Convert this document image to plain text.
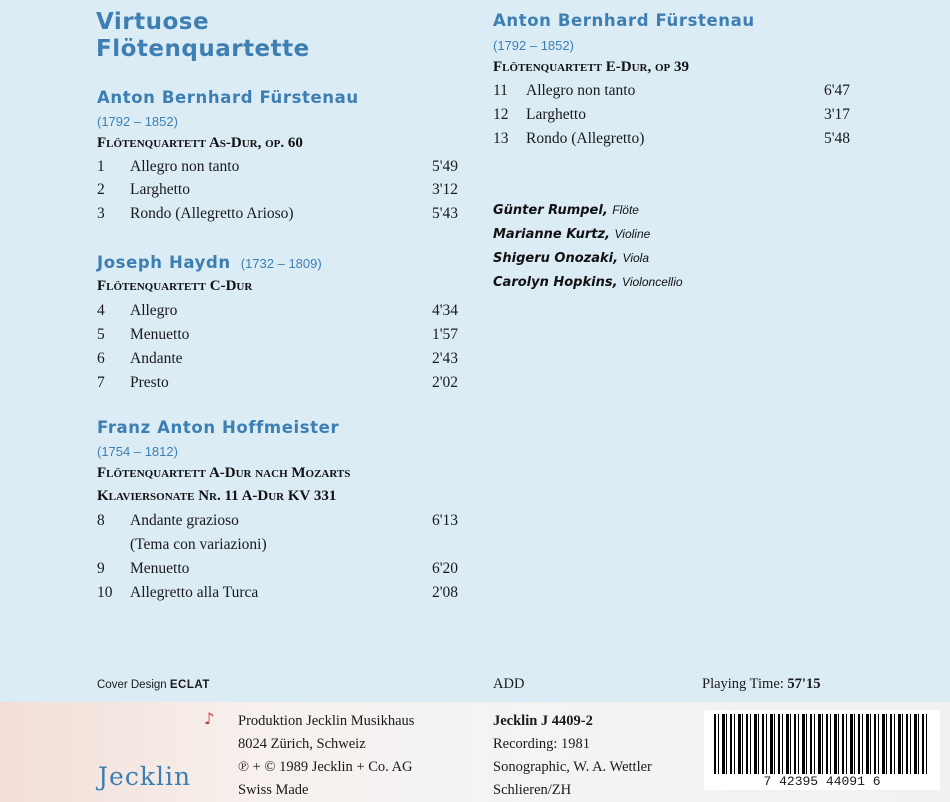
Virtuose
Flötenquartette
Anton Bernhard Fürstenau
(1792 – 1852)
Flötenquartett As-Dur, op. 60
1 Allegro non tanto	5'49
2 Larghetto	3'12
3 Rondo (Allegretto Arioso)	5'43
Joseph Haydn (1732 – 1809)
Flötenquartett C-Dur
4 Allegro	4'34
5 Menuetto	1'57
6 Andante	2'43
7 Presto	2'02
Franz Anton Hoffmeister
(1754 – 1812)
Flötenquartett A-Dur nach Mozarts
Klaviersonate Nr. 11 A-Dur KV 331
8 Andante grazioso	6'13
(Tema con variazioni)
9 Menuetto	6'20
10 Allegretto alla Turca	2'08
Anton Bernhard Fürstenau
(1792 – 1852)
Flötenquartett E-Dur, op 39
11 Allegro non tanto	6'47
12 Larghetto	3'17
13 Rondo (Allegretto)	5'48
Günter Rumpel, Flöte
Marianne Kurtz, Violine
Shigeru Onozaki, Viola
Carolyn Hopkins, Violoncellio
Cover Design ECLAT	ADD	Playing Time: 57'15
♪ Produktion Jecklin Musikhaus
8024 Zürich, Schweiz
℗ + © 1989 Jecklin + Co. AG
Swiss Made
Jecklin
Jecklin J 4409-2
Recording: 1981
Sonographic, W. A. Wettler
Schlieren/ZH
7 42395 44091 6
